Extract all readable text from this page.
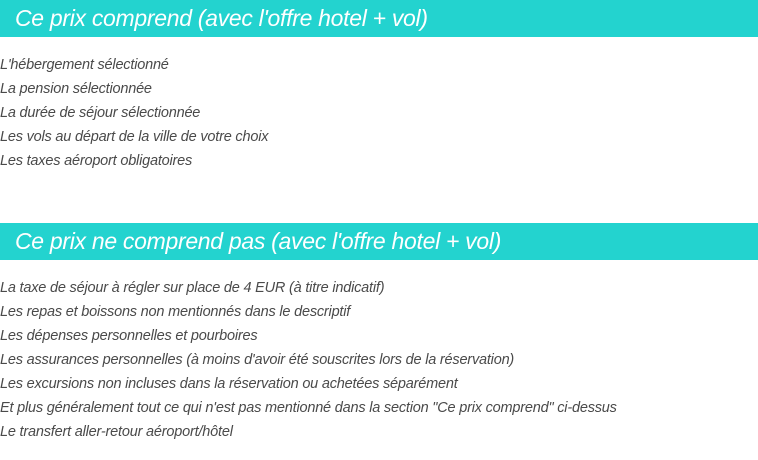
Ce prix comprend (avec l'offre hotel + vol)
L'hébergement sélectionné
La pension sélectionnée
La durée de séjour sélectionnée
Les vols au départ de la ville de votre choix
Les taxes aéroport obligatoires
Ce prix ne comprend pas (avec l'offre hotel + vol)
La taxe de séjour à régler sur place de 4 EUR (à titre indicatif)
Les repas et boissons non mentionnés dans le descriptif
Les dépenses personnelles et pourboires
Les assurances personnelles (à moins d'avoir été souscrites lors de la réservation)
Les excursions non incluses dans la réservation ou achetées séparément
Et plus généralement tout ce qui n'est pas mentionné dans la section "Ce prix comprend" ci-dessus
Le transfert aller-retour aéroport/hôtel
